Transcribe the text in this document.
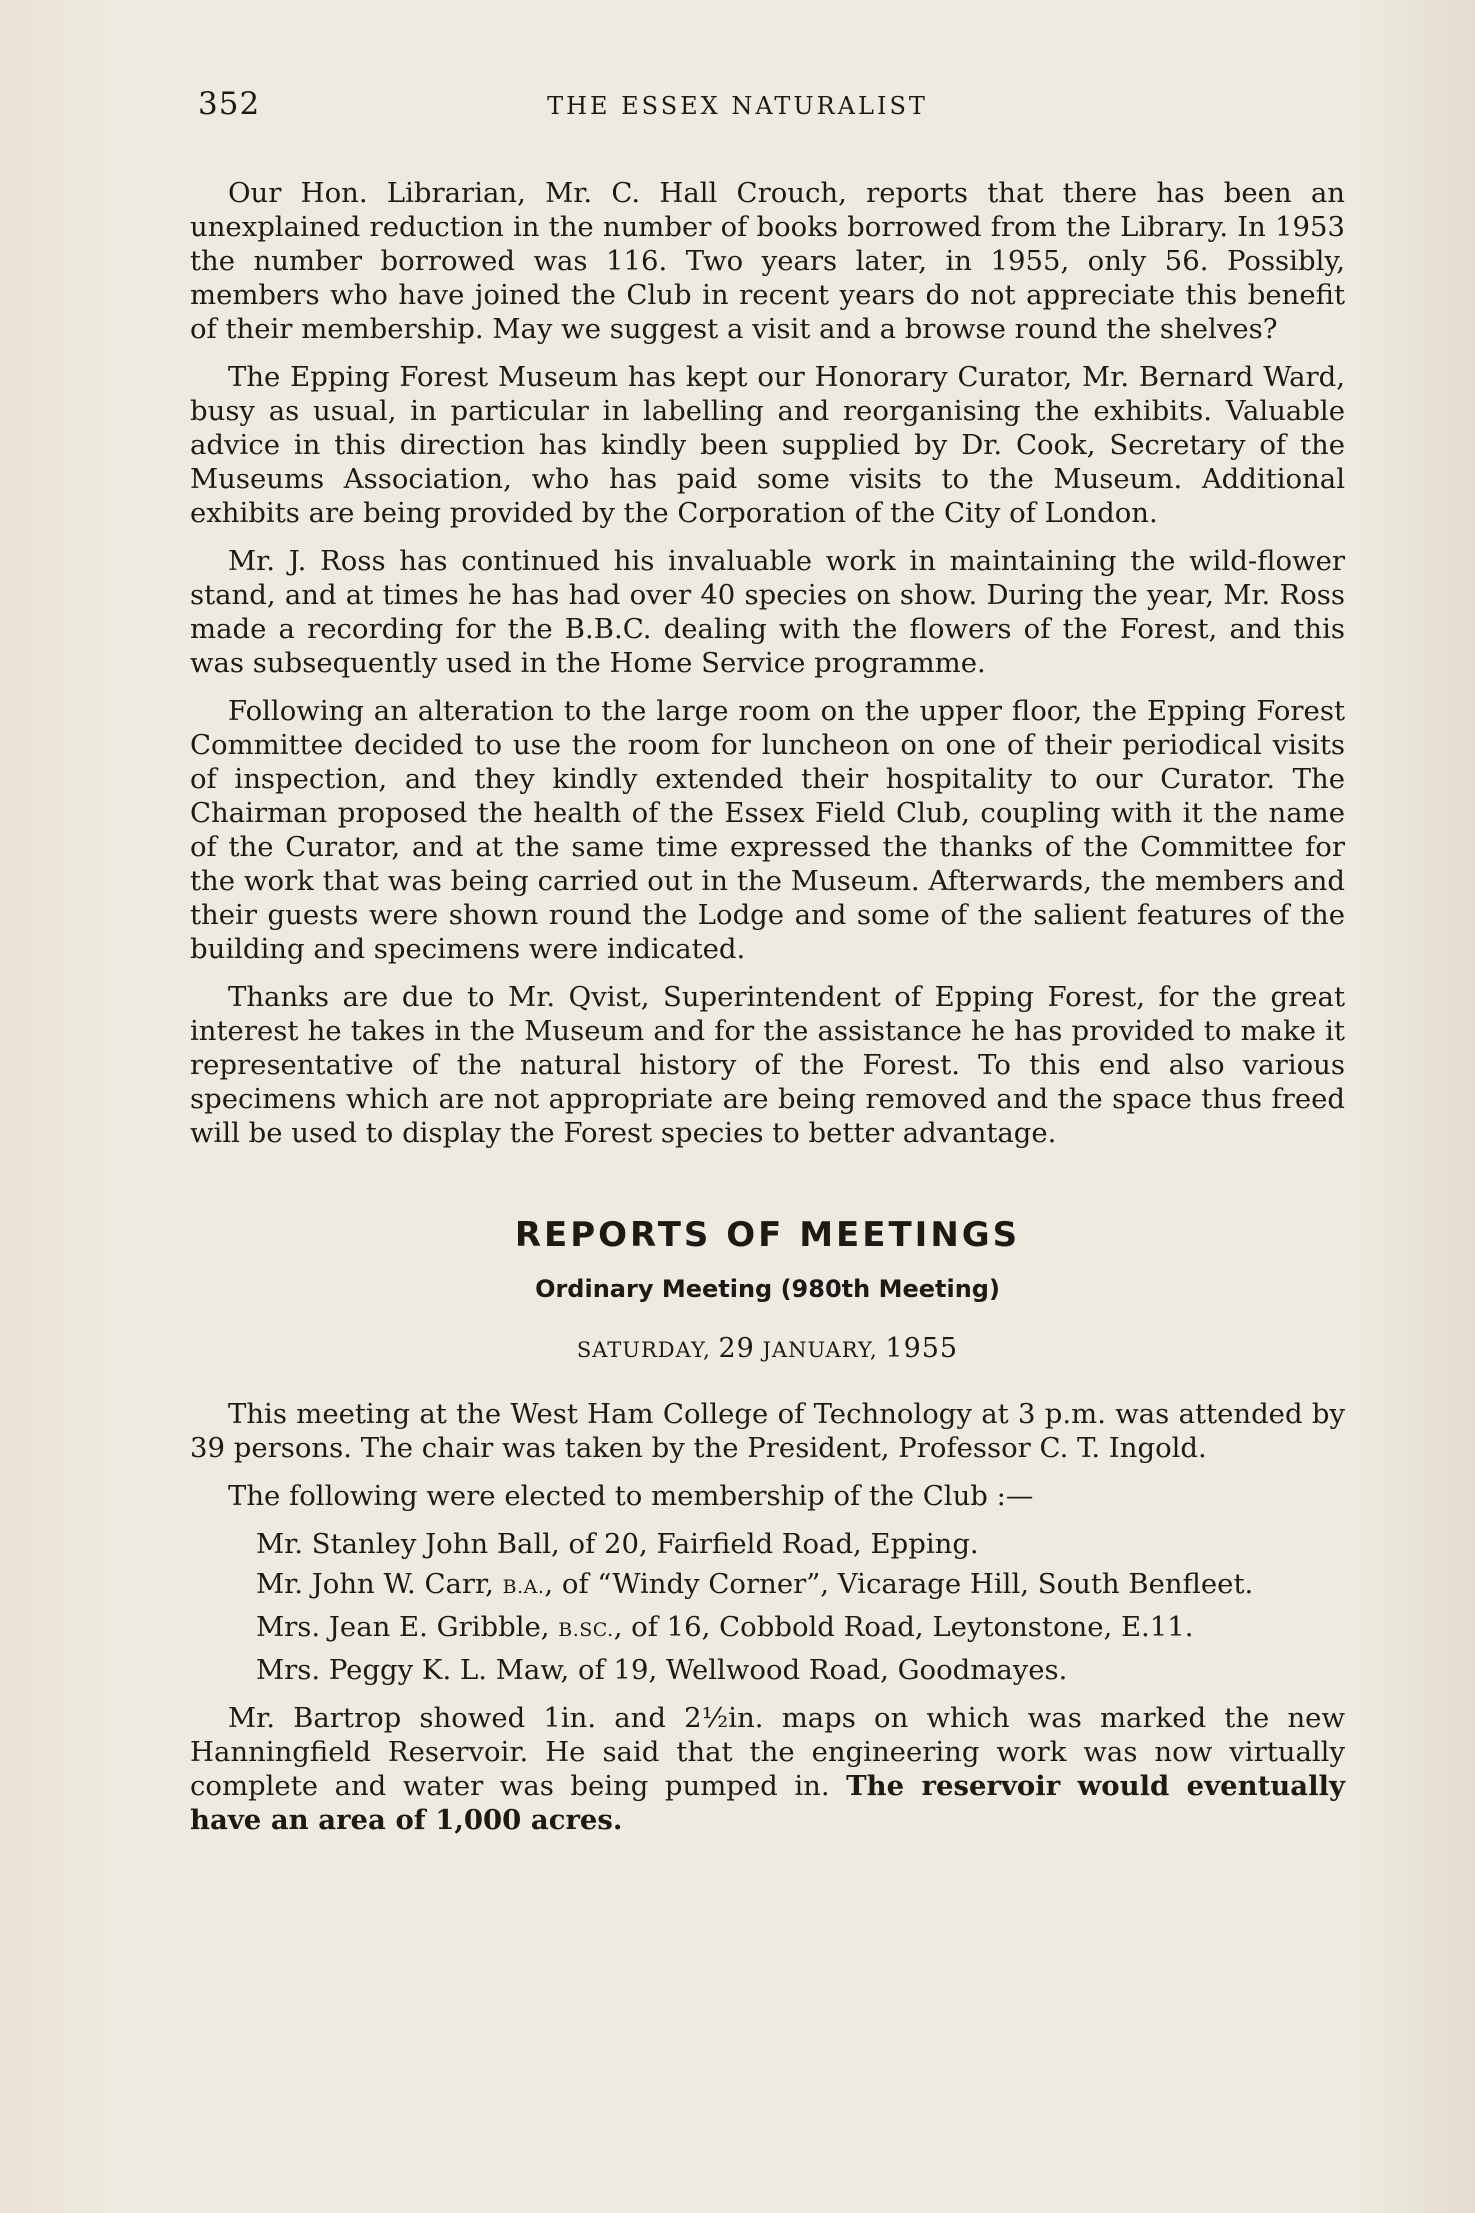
352	THE ESSEX NATURALIST

Our Hon. Librarian, Mr. C. Hall Crouch, reports that there has been an unexplained reduction in the number of books borrowed from the Library. In 1953 the number borrowed was 116. Two years later, in 1955, only 56. Possibly, members who have joined the Club in recent years do not appreciate this benefit of their membership. May we suggest a visit and a browse round the shelves?

The Epping Forest Museum has kept our Honorary Curator, Mr. Bernard Ward, busy as usual, in particular in labelling and reorganising the exhibits. Valuable advice in this direction has kindly been supplied by Dr. Cook, Secretary of the Museums Association, who has paid some visits to the Museum. Additional exhibits are being provided by the Corporation of the City of London.

Mr. J. Ross has continued his invaluable work in maintaining the wild-flower stand, and at times he has had over 40 species on show. During the year, Mr. Ross made a recording for the B.B.C. dealing with the flowers of the Forest, and this was subsequently used in the Home Service programme.

Following an alteration to the large room on the upper floor, the Epping Forest Committee decided to use the room for luncheon on one of their periodical visits of inspection, and they kindly extended their hospitality to our Curator. The Chairman proposed the health of the Essex Field Club, coupling with it the name of the Curator, and at the same time expressed the thanks of the Committee for the work that was being carried out in the Museum. Afterwards, the members and their guests were shown round the Lodge and some of the salient features of the building and specimens were indicated.

Thanks are due to Mr. Qvist, Superintendent of Epping Forest, for the great interest he takes in the Museum and for the assistance he has provided to make it representative of the natural history of the Forest. To this end also various specimens which are not appropriate are being removed and the space thus freed will be used to display the Forest species to better advantage.

REPORTS OF MEETINGS
Ordinary Meeting (980th Meeting)
SATURDAY, 29 JANUARY, 1955

This meeting at the West Ham College of Technology at 3 p.m. was attended by 39 persons. The chair was taken by the President, Professor C. T. Ingold.

The following were elected to membership of the Club :—

Mr. Stanley John Ball, of 20, Fairfield Road, Epping.
Mr. John W. Carr, B.A., of “Windy Corner”, Vicarage Hill, South Benfleet.
Mrs. Jean E. Gribble, B.SC., of 16, Cobbold Road, Leytonstone, E.11.
Mrs. Peggy K. L. Maw, of 19, Wellwood Road, Goodmayes.

Mr. Bartrop showed 1in. and 2½in. maps on which was marked the new Hanningfield Reservoir. He said that the engineering work was now virtually complete and water was being pumped in. The reservoir would eventually have an area of 1,000 acres.
